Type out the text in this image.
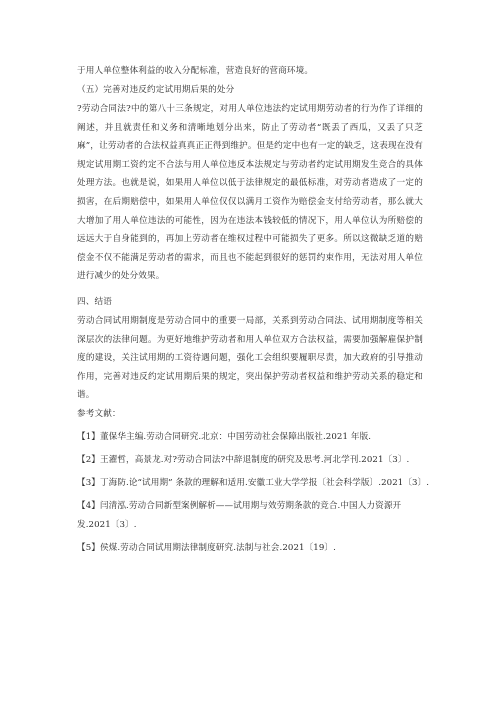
于用人单位整体利益的收入分配标准，营造良好的营商环境。

（五）完善对违反约定试用期后果的处分

?劳动合同法?中的第八十三条规定，对用人单位违法约定试用期劳动者的行为作了详细的阐述，并且就责任和义务和清晰地划分出来，防止了劳动者“既丢了西瓜，又丢了只芝麻”，让劳动者的合法权益真真正正得到维护。但是约定中也有一定的缺乏，这表现在没有规定试用期工资约定不合法与用人单位违反本法规定与劳动者约定试用期发生竞合的具体处理方法。也就是说，如果用人单位以低于法律规定的最低标准，对劳动者造成了一定的损害，在后期赔偿中，如果用人单位仅仅以满月工资作为赔偿金支付给劳动者，那么就大大增加了用人单位违法的可能性，因为在违法本钱较低的情况下，用人单位认为所赔偿的远远大于自身能到的，再加上劳动者在维权过程中可能损失了更多。所以这微缺乏道的赔偿金不仅不能满足劳动者的需求，而且也不能起到很好的惩罚约束作用，无法对用人单位进行减少的处分效果。

四、结语

劳动合同试用期制度是劳动合同中的重要一局部，关系到劳动合同法、试用期制度等相关深层次的法律问题。为更好地维护劳动者和用人单位双方合法权益，需要加强解雇保护制度的建设，关注试用期的工资待遇问题，强化工会组织要履职尽责，加大政府的引导推动作用，完善对违反约定试用期后果的规定，突出保护劳动者权益和维护劳动关系的稳定和谐。

参考文献：

【1】董保华主编.劳动合同研究.北京：中国劳动社会保障出版社.2021 年版.

【2】王濯哲，高景龙.对?劳动合同法?中辞退制度的研究及思考.河北学刊.2021〔3〕.

【3】丁海防.论“试用期” 条款的理解和适用.安徽工业大学学报〔社会科学版〕.2021〔3〕.

【4】闫清泓.劳动合同新型案例解析——试用期与效劳期条款的竞合.中国人力资源开发.2021〔3〕.

【5】侯煤.劳动合同试用期法律制度研究.法制与社会.2021〔19〕.
